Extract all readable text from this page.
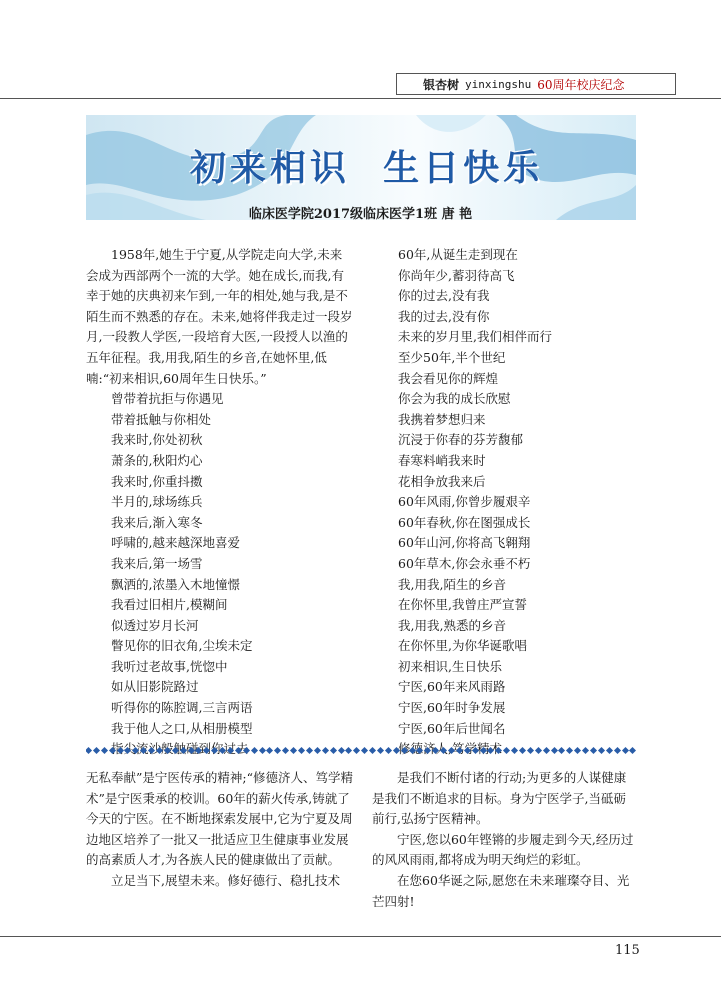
银杏树 yinxingshu 60周年校庆纪念
初来相识  生日快乐
临床医学院2017级临床医学1班 唐 艳

1958年,她生于宁夏,从学院走向大学,未来会成为西部两个一流的大学。她在成长,而我,有幸于她的庆典初来乍到,一年的相处,她与我,是不陌生而不熟悉的存在。未来,她将伴我走过一段岁月,一段教人学医,一段培育大医,一段授人以渔的五年征程。我,用我,陌生的乡音,在她怀里,低喃:“初来相识,60周年生日快乐。”

曾带着抗拒与你遇见
带着抵触与你相处
我来时,你处初秋
萧条的,秋阳灼心
我来时,你重抖擞
半月的,球场练兵
我来后,渐入寒冬
呼啸的,越来越深地喜爱
我来后,第一场雪
飘洒的,浓墨入木地憧憬
我看过旧相片,模糊间
似透过岁月长河
瞥见你的旧衣角,尘埃未定
我听过老故事,恍惚中
如从旧影院路过
听得你的陈腔调,三言两语
我于他人之口,从相册模型
60年,从诞生走到现在
你尚年少,蓄羽待高飞
你的过去,没有我
我的过去,没有你
未来的岁月里,我们相伴而行
至少50年,半个世纪
我会看见你的辉煌
你会为我的成长欣慰
我携着梦想归来
沉浸于你春的芬芳馥郁
春寒料峭我来时
花相争放我来后
60年风雨,你曾步履艰辛
60年春秋,你在图强成长
60年山河,你将高飞翱翔
60年草木,你会永垂不朽
我,用我,陌生的乡音
在你怀里,我曾庄严宣誓
我,用我,熟悉的乡音
在你怀里,为你华诞歌唱
初来相识,生日快乐
宁医,60年来风雨路
宁医,60年时争发展
宁医,60年后世闻名

无私奉献”是宁医传承的精神;“修德济人、笃学精术”是宁医秉承的校训。60年的薪火传承,铸就了今天的宁医。在不断地探索发展中,它为宁夏及周边地区培养了一批又一批适应卫生健康事业发展的高素质人才,为各族人民的健康做出了贡献。

立足当下,展望未来。修好德行、稳扎技术

是我们不断付诸的行动;为更多的人谋健康是我们不断追求的目标。身为宁医学子,当砥砺前行,弘扬宁医精神。

宁医,您以60年铿锵的步履走到今天,经历过的风风雨雨,都将成为明天绚烂的彩虹。

在您60华诞之际,愿您在未来璀璨夺目、光芒四射!

115
